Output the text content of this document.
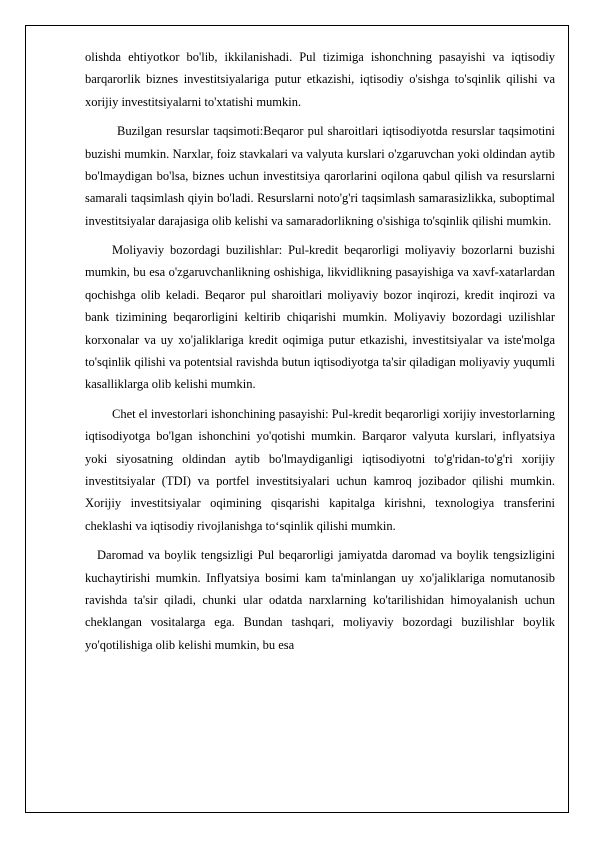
olishda ehtiyotkor bo'lib, ikkilanishadi. Pul tizimiga ishonchning pasayishi va iqtisodiy barqarorlik biznes investitsiyalariga putur etkazishi, iqtisodiy o'sishga to'sqinlik qilishi va xorijiy investitsiyalarni to'xtatishi mumkin.

Buzilgan resurslar taqsimoti:Beqaror pul sharoitlari iqtisodiyotda resurslar taqsimotini buzishi mumkin. Narxlar, foiz stavkalari va valyuta kurslari o'zgaruvchan yoki oldindan aytib bo'lmaydigan bo'lsa, biznes uchun investitsiya qarorlarini oqilona qabul qilish va resurslarni samarali taqsimlash qiyin bo'ladi. Resurslarni noto'g'ri taqsimlash samarasizlikka, suboptimal investitsiyalar darajasiga olib kelishi va samaradorlikning o'sishiga to'sqinlik qilishi mumkin.

Moliyaviy bozordagi buzilishlar: Pul-kredit beqarorligi moliyaviy bozorlarni buzishi mumkin, bu esa o'zgaruvchanlikning oshishiga, likvidlikning pasayishiga va xavf-xatarlardan qochishga olib keladi. Beqaror pul sharoitlari moliyaviy bozor inqirozi, kredit inqirozi va bank tizimining beqarorligini keltirib chiqarishi mumkin. Moliyaviy bozordagi uzilishlar korxonalar va uy xo'jaliklariga kredit oqimiga putur etkazishi, investitsiyalar va iste'molga to'sqinlik qilishi va potentsial ravishda butun iqtisodiyotga ta'sir qiladigan moliyaviy yuqumli kasalliklarga olib kelishi mumkin.

Chet el investorlari ishonchining pasayishi: Pul-kredit beqarorligi xorijiy investorlarning iqtisodiyotga bo'lgan ishonchini yo'qotishi mumkin. Barqaror valyuta kurslari, inflyatsiya yoki siyosatning oldindan aytib bo'lmaydiganligi iqtisodiyotni to'g'ridan-to'g'ri xorijiy investitsiyalar (TDI) va portfel investitsiyalari uchun kamroq jozibador qilishi mumkin. Xorijiy investitsiyalar oqimining qisqarishi kapitalga kirishni, texnologiya transferini cheklashi va iqtisodiy rivojlanishga to‘sqinlik qilishi mumkin.

Daromad va boylik tengsizligi Pul beqarorligi jamiyatda daromad va boylik tengsizligini kuchaytirishi mumkin. Inflyatsiya bosimi kam ta'minlangan uy xo'jaliklariga nomutanosib ravishda ta'sir qiladi, chunki ular odatda narxlarning ko'tarilishidan himoyalanish uchun cheklangan vositalarga ega. Bundan tashqari, moliyaviy bozordagi buzilishlar boylik yo'qotilishiga olib kelishi mumkin, bu esa
